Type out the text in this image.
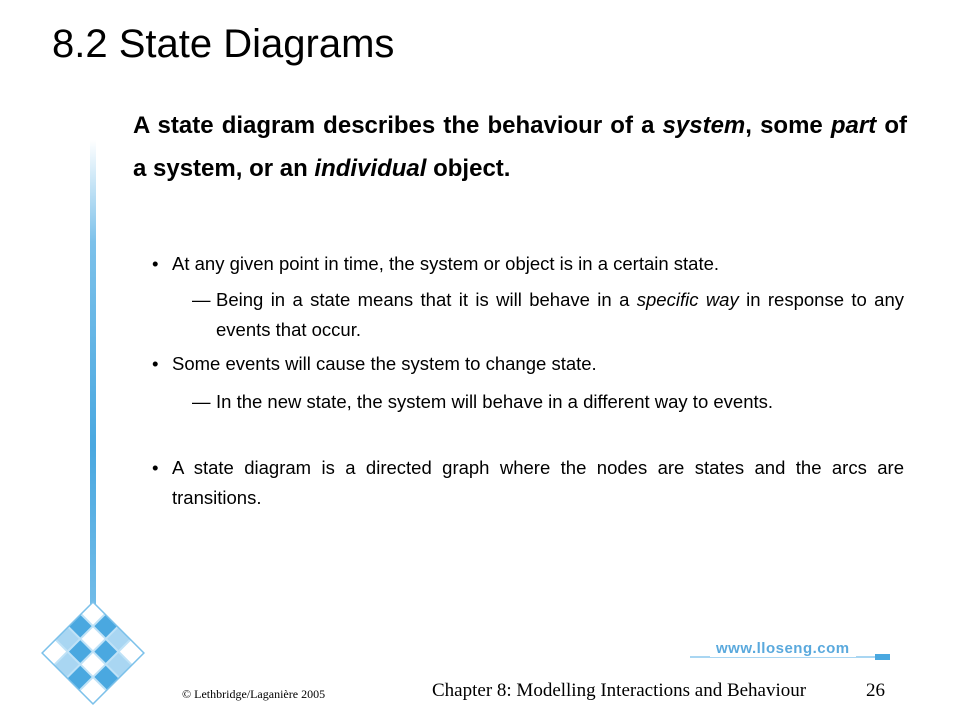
8.2 State Diagrams
A state diagram describes the behaviour of a system, some part of a system, or an individual object.
• At any given point in time, the system or object is in a certain state.
— Being in a state means that it is will behave in a specific way in response to any events that occur.
• Some events will cause the system to change state.
— In the new state, the system will behave in a different way to events.
• A state diagram is a directed graph where the nodes are states and the arcs are transitions.
www.lloseng.com
© Lethbridge/Laganière 2005	Chapter 8: Modelling Interactions and Behaviour	26
